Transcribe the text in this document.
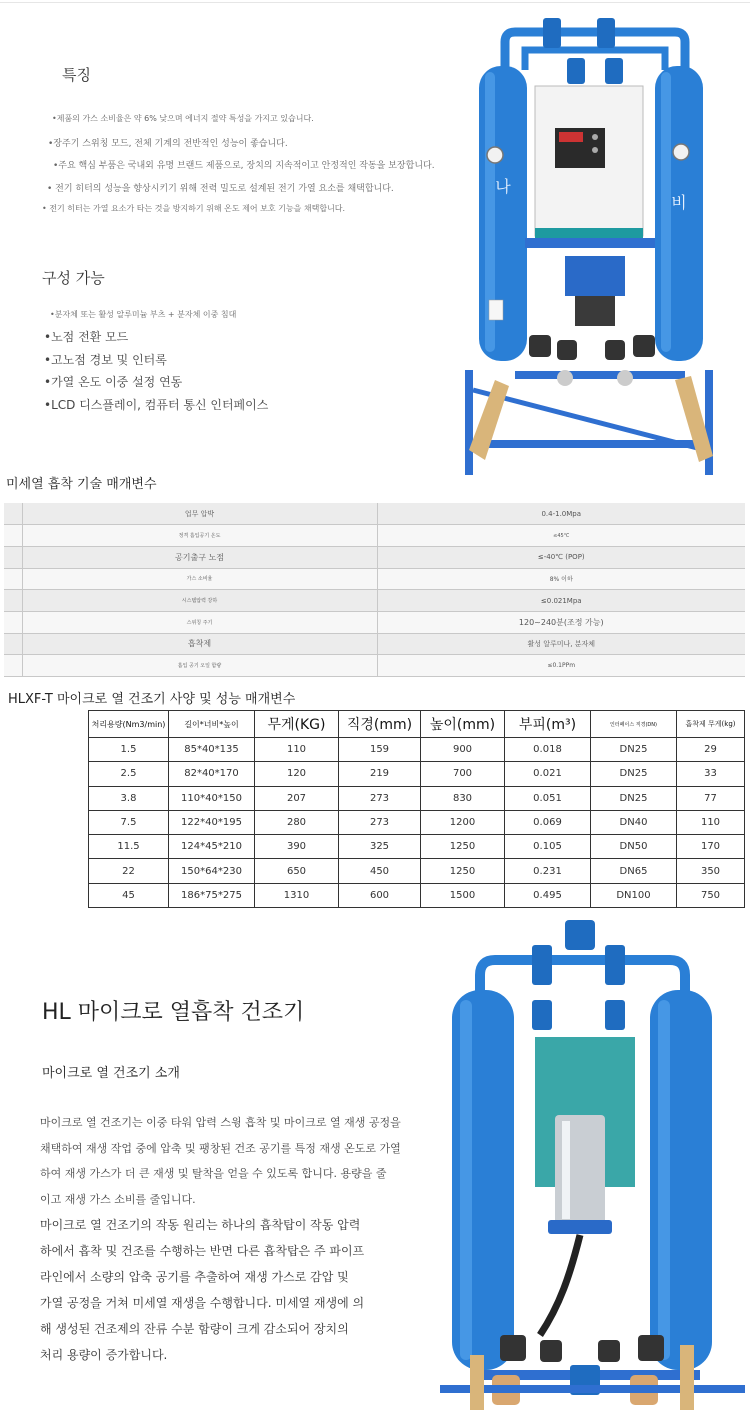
특징
•제품의 가스 소비율은 약 6% 낮으며 에너지 절약 특성을 가지고 있습니다.
•장주기 스위칭 모드, 전체 기계의 전반적인 성능이 좋습니다.
•주요 핵심 부품은 국내외 유명 브랜드 제품으로, 장치의 지속적이고 안정적인 작동을 보장합니다.
• 전기 히터의 성능을 향상시키기 위해 전력 밀도로 설계된 전기 가열 요소를 채택합니다.
• 전기 히터는 가열 요소가 타는 것을 방지하기 위해 온도 제어 보호 기능을 채택합니다.
구성 가능
•분자체 또는 활성 알루미늄 부츠 + 분자체 이중 침대
•노점 전환 모드
•고노점 경보 및 인터록
•가열 온도 이중 설정 연동
•LCD 디스플레이, 컴퓨터 통신 인터페이스
나
비
미세열 흡착 기술 매개변수
	업무 압박	0.4-1.0Mpa
	정격 흡입공기 온도	≤45℃
	공기출구 노점	≤-40℃ (POP)
	가스 소비율	8% 이하
	시스템압력 강하	≤0.021Mpa
	스위칭 주기	120~240분(조정 가능)
	흡착제	활성 알루미나, 분자체
	흡입 공기 오일 함량	≤0.1PPm
HLXF-T 마이크로 열 건조기 사양 및 성능 매개변수
처리용량(Nm3/min)	길이*너비*높이	무게(KG)	직경(mm)	높이(mm)	부피(m³)	인터페이스 직경(DN)	흡착제 무게(kg)
1.5	85*40*135	110	159	900	0.018	DN25	29
2.5	82*40*170	120	219	700	0.021	DN25	33
3.8	110*40*150	207	273	830	0.051	DN25	77
7.5	122*40*195	280	273	1200	0.069	DN40	110
11.5	124*45*210	390	325	1250	0.105	DN50	170
22	150*64*230	650	450	1250	0.231	DN65	350
45	186*75*275	1310	600	1500	0.495	DN100	750
HL 마이크로 열흡착 건조기
마이크로 열 건조기 소개
마이크로 열 건조기는 이중 타워 압력 스윙 흡착 및 마이크로 열 재생 공정을
채택하여 재생 작업 중에 압축 및 팽창된 건조 공기를 특정 재생 온도로 가열
하여 재생 가스가 더 큰 재생 및 탈착을 얻을 수 있도록 합니다. 용량을 줄
이고 재생 가스 소비를 줄입니다.
마이크로 열 건조기의 작동 원리는 하나의 흡착탑이 작동 압력
하에서 흡착 및 건조를 수행하는 반면 다른 흡착탑은 주 파이프
라인에서 소량의 압축 공기를 추출하여 재생 가스로 감압 및
가열 공정을 거쳐 미세열 재생을 수행합니다. 미세열 재생에 의
해 생성된 건조제의 잔류 수분 함량이 크게 감소되어 장치의
처리 용량이 증가합니다.
